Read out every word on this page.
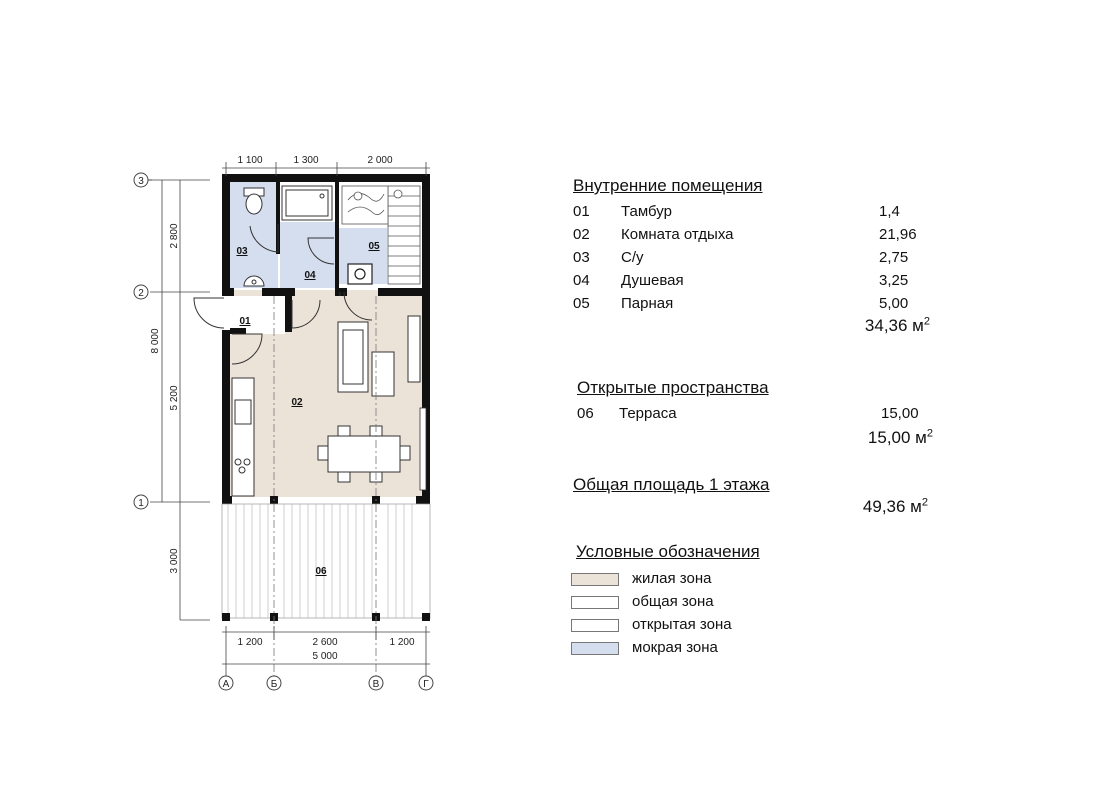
1 100	1 300	2 000
2 800
8 000
5 200
3 000
1 200	2 600	1 200
5 000
3
2
1
А	Б	В	Г
01
02
03
04
05
06
Внутренние помещения
01 Тамбур	1,4
02 Комната отдыха	21,96
03 С/у	2,75
04 Душевая	3,25
05 Парная	5,00
34,36 $м^2$
Открытые пространства
06 Терраса	15,00
15,00 $м^2$
Общая площадь 1 этажа
49,36 $м^2$
Условные обозначения
жилая зона
общая зона
открытая зона
мокрая зона
